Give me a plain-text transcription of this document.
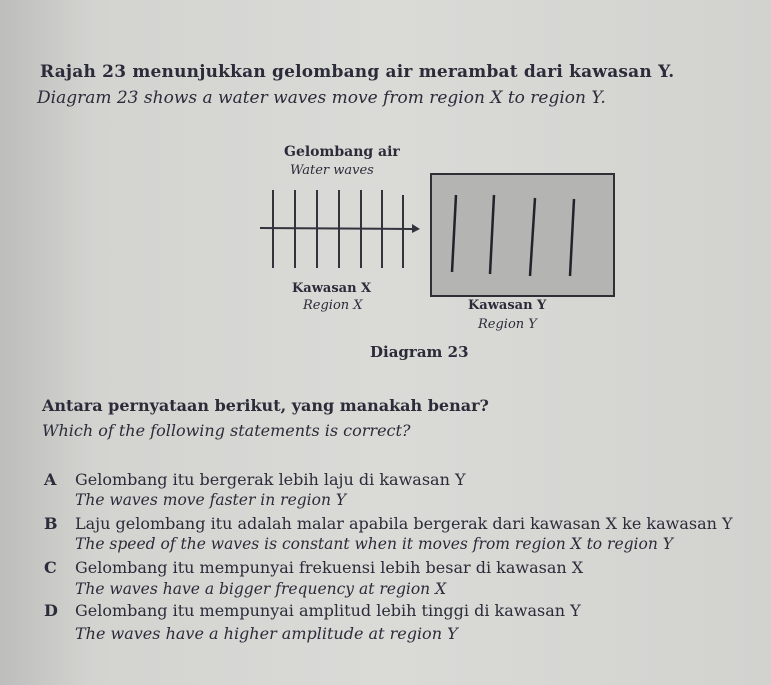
Rajah 23 menunjukkan gelombang air merambat dari kawasan Y.
Diagram 23 shows a water waves move from region X to region Y.
Gelombang air
Water waves
Kawasan X
Region X	Kawasan Y
Region Y
Diagram 23
Antara pernyataan berikut, yang manakah benar?
Which of the following statements is correct?
A Gelombang itu bergerak lebih laju di kawasan Y
The waves move faster in region Y
B Laju gelombang itu adalah malar apabila bergerak dari kawasan X ke kawasan Y
The speed of the waves is constant when it moves from region X to region Y
C Gelombang itu mempunyai frekuensi lebih besar di kawasan X
The waves have a bigger frequency at region X
D Gelombang itu mempunyai amplitud lebih tinggi di kawasan Y
The waves have a higher amplitude at region Y
